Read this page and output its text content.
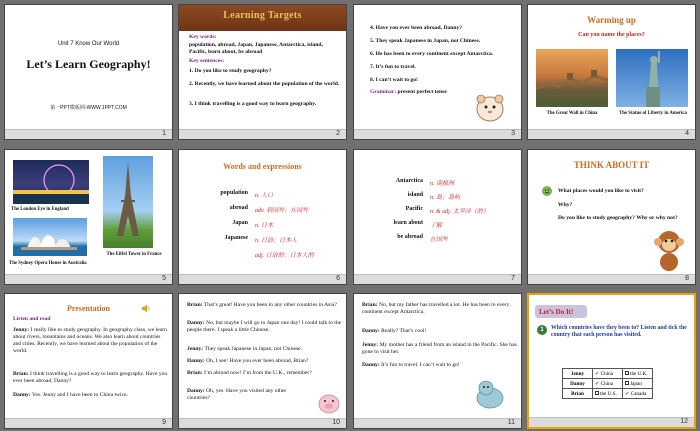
Unit 7 Know Our World
Let’s Learn Geography!
第一PPT模板网-WWW.1PPT.COM
1
Learning Targets
Key words:
population, abroad, Japan, Japanese, Antarctica, island, Pacific, learn about, be abroad
Key sentences:
1. Do you like to study geography?
2. Recently, we have learned about the population of the world.
3. I think travelling is a good way to learn geography.
2
4. Have you ever been abroad, Danny?
5. They speak Japanese in Japan, not Chinese.
6. He has been to every continent except Antarctica.
7. It’s fun to travel.
8. I can’t wait to go!
Grammar: present perfect tense
3
Warming up
Can you name the places?
The Great Wall in China	The Statue of Liberty in America
4
The London Eye in England
The Eiffel Tower in France
The Sydney Opera House in Australia
5
Words and expressions
population n. 人口
abroad adv. 到国外；在国外
Japan n. 日本
Japanese n. 日语；日本人
adj. 日语的；日本人的
6
Antarctica n. 南极洲
island n. 岛；岛屿
Pacific n. & adj. 太平洋（的）
learn about 了解
be abroad 在国外
7
THINK ABOUT IT
What places would you like to visit?
Why?
Do you like to study geography? Why or why not?
8
Presentation
Listen and read
Jenny: I really like to study geography. In geography class, we learn about rivers, mountains and oceans. We also learn about countries and cities. Recently, we have learned about the population of the world.
Brian: I think travelling is a good way to learn geography. Have you ever been abroad, Danny?
Danny: Yes. Jenny and I have been to China twice.
9
Brian: That’s great! Have you been to any other countries in Asia?
Danny: No, but maybe I will go to Japan one day! I could talk to the people there. I speak a little Chinese.
Jenny: They speak Japanese in Japan, not Chinese.
Danny: Oh, I see! Have you ever been abroad, Brian?
Brian: I’m abroad now! I’m from the U.K., remember?
Danny: Oh, yes. Have you visited any other countries?
10
Brian: No, but my father has travelled a lot. He has been to every continent except Antarctica.
Danny: Really? That’s cool!
Jenny: My mother has a friend from an island in the Pacific. She has gone to visit her.
Danny: It’s fun to travel. I can’t wait to go!
11
Let’s Do It!
1	Which countries have they been to? Listen and tick the country that each person has visited.
Jenny	✔ China	the U.K.
Danny	✔ China	Japan
Brian	the U.S.	✔ Canada
12
